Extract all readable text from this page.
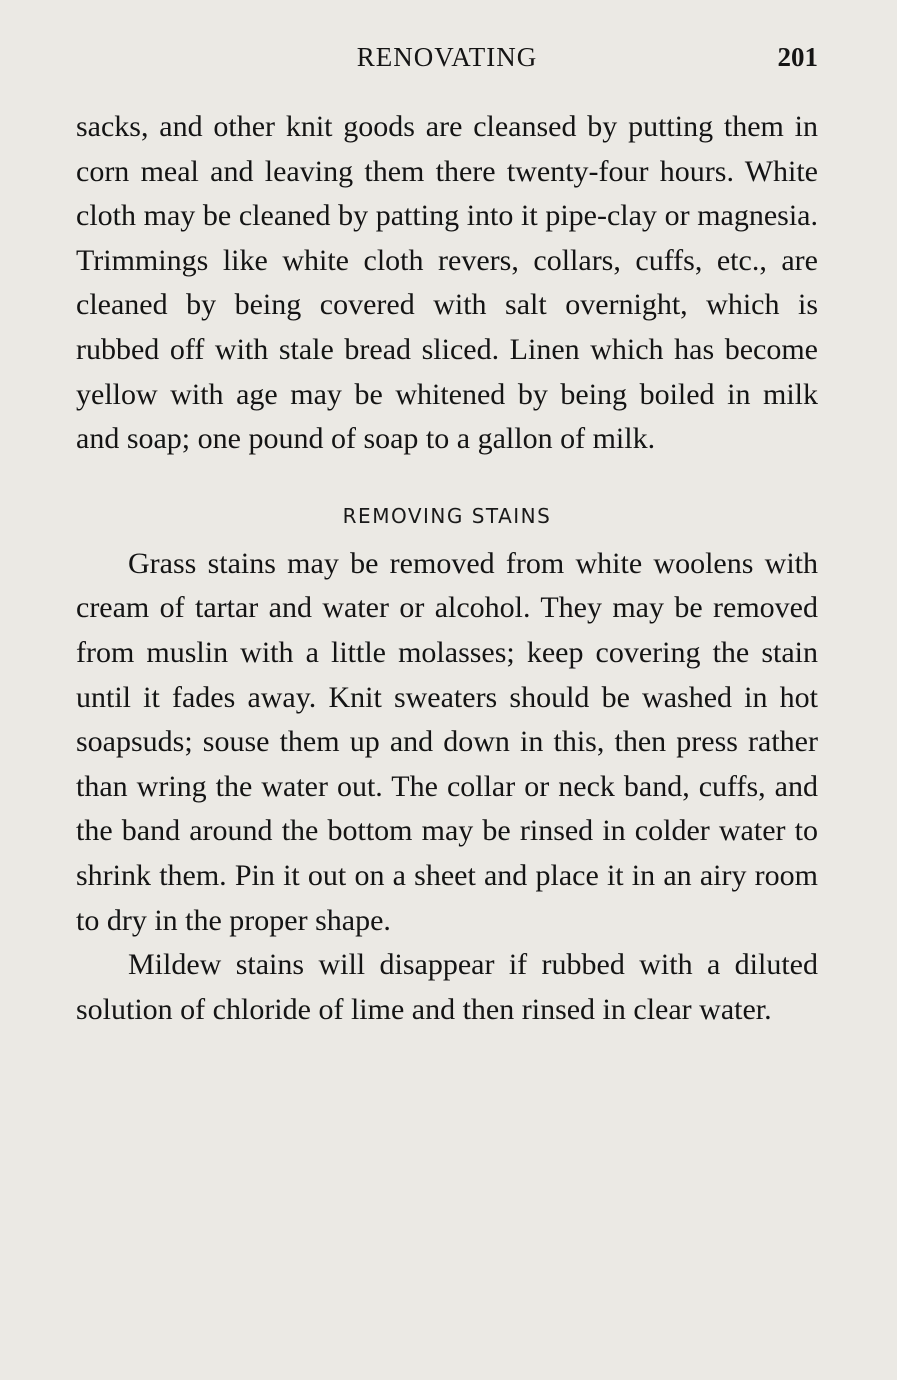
RENOVATING	201

sacks, and other knit goods are cleansed by putting them in corn meal and leaving them there twenty-four hours. White cloth may be cleaned by patting into it pipe-clay or magnesia. Trimmings like white cloth revers, collars, cuffs, etc., are cleaned by being covered with salt overnight, which is rubbed off with stale bread sliced. Linen which has become yellow with age may be whitened by being boiled in milk and soap; one pound of soap to a gallon of milk.

REMOVING STAINS

Grass stains may be removed from white woolens with cream of tartar and water or alcohol. They may be removed from muslin with a little molasses; keep covering the stain until it fades away. Knit sweaters should be washed in hot soapsuds; souse them up and down in this, then press rather than wring the water out. The collar or neck band, cuffs, and the band around the bottom may be rinsed in colder water to shrink them. Pin it out on a sheet and place it in an airy room to dry in the proper shape.

Mildew stains will disappear if rubbed with a diluted solution of chloride of lime and then rinsed in clear water.
